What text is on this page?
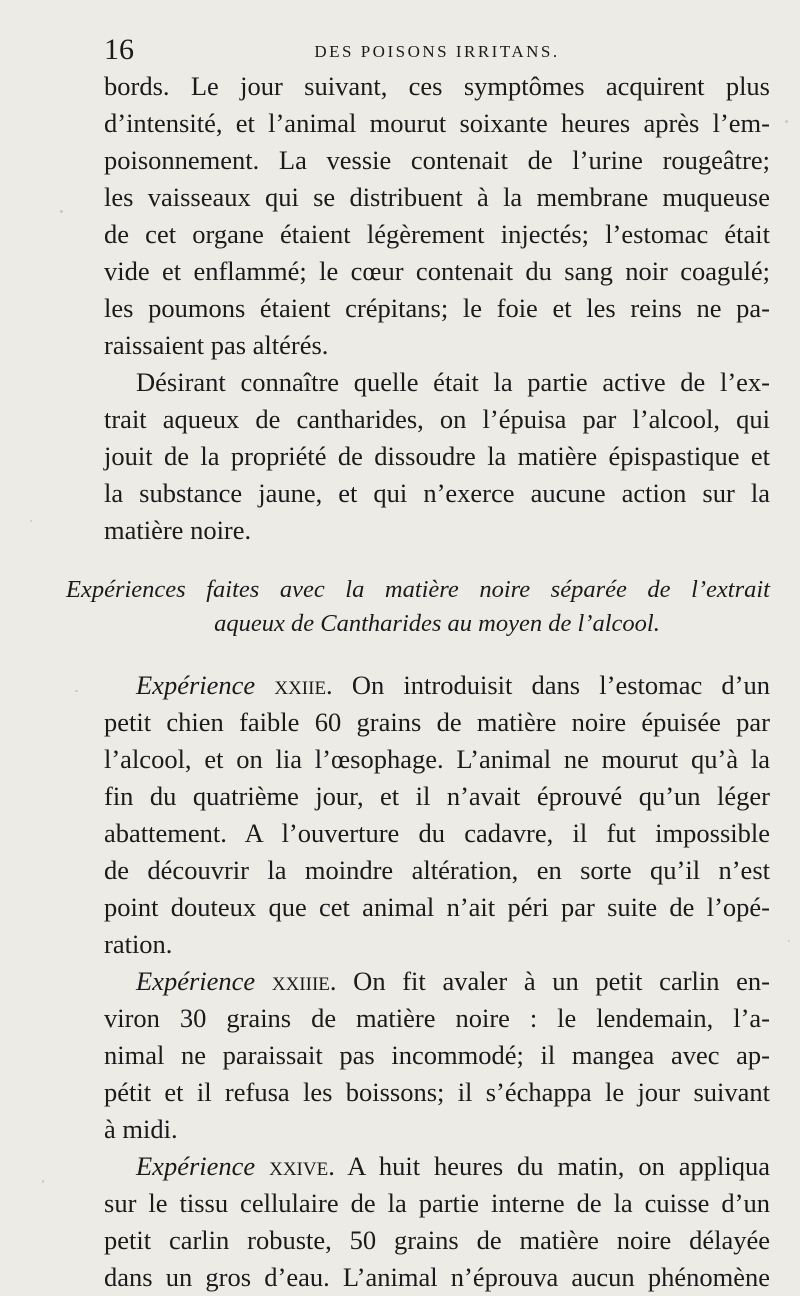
16	DES POISONS IRRITANS.
bords. Le jour suivant, ces symptômes acquirent plus
d’intensité, et l’animal mourut soixante heures après l’em-
poisonnement. La vessie contenait de l’urine rougeâtre;
les vaisseaux qui se distribuent à la membrane muqueuse
de cet organe étaient légèrement injectés; l’estomac était
vide et enflammé; le cœur contenait du sang noir coagulé;
les poumons étaient crépitans; le foie et les reins ne pa-
raissaient pas altérés.
Désirant connaître quelle était la partie active de l’ex-
trait aqueux de cantharides, on l’épuisa par l’alcool, qui
jouit de la propriété de dissoudre la matière épispastique et
la substance jaune, et qui n’exerce aucune action sur la
matière noire.
Expériences faites avec la matière noire séparée de l’extrait
aqueux de Cantharides au moyen de l’alcool.
Expérience xxiie. On introduisit dans l’estomac d’un
petit chien faible 60 grains de matière noire épuisée par
l’alcool, et on lia l’œsophage. L’animal ne mourut qu’à la
fin du quatrième jour, et il n’avait éprouvé qu’un léger
abattement. A l’ouverture du cadavre, il fut impossible
de découvrir la moindre altération, en sorte qu’il n’est
point douteux que cet animal n’ait péri par suite de l’opé-
ration.
Expérience xxiiie. On fit avaler à un petit carlin en-
viron 30 grains de matière noire : le lendemain, l’a-
nimal ne paraissait pas incommodé; il mangea avec ap-
pétit et il refusa les boissons; il s’échappa le jour suivant
à midi.
Expérience xxive. A huit heures du matin, on appliqua
sur le tissu cellulaire de la partie interne de la cuisse d’un
petit carlin robuste, 50 grains de matière noire délayée
dans un gros d’eau. L’animal n’éprouva aucun phénomène
